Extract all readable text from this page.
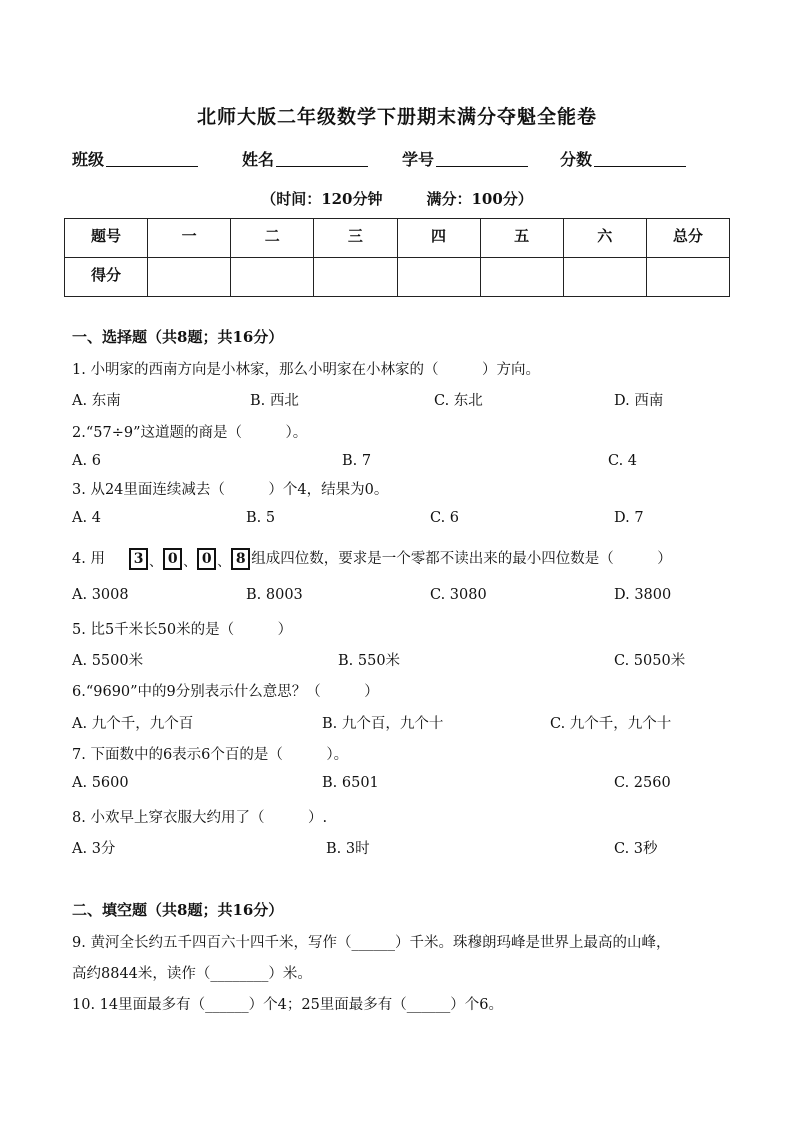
北师大版二年级数学下册期末满分夺魁全能卷
班级	姓名	学号	分数
（时间：120分钟	满分：100分）
题号	一	二	三	四	五	六	总分
得分							
一、选择题（共8题；共16分）
1. 小明家的西南方向是小林家，那么小明家在小林家的（　　　）方向。
A. 东南	B. 西北	C. 东北	D. 西南
2.“57÷9”这道题的商是（　　　）。
A. 6	B. 7	C. 4
3. 从24里面连续减去（　　　）个4，结果为0。
A. 4	B. 5	C. 6	D. 7
4. 用 3 、 0 、 0 、 8 组成四位数，要求是一个零都不读出来的最小四位数是（　　　）
A. 3008	B. 8003	C. 3080	D. 3800
5. 比5千米长50米的是（　　　）
A. 5500米	B. 550米	C. 5050米
6.“9690”中的9分别表示什么意思？（　　　）
A. 九个千，九个百	B. 九个百，九个十	C. 九个千，九个十
7. 下面数中的6表示6个百的是（　　　）。
A. 5600	B. 6501	C. 2560
8. 小欢早上穿衣服大约用了（　　　）.
A. 3分	B. 3时	C. 3秒
二、填空题（共8题；共16分）
9. 黄河全长约五千四百六十四千米，写作（______）千米。珠穆朗玛峰是世界上最高的山峰，
高约8844米，读作（________）米。
10. 14里面最多有（______）个4；25里面最多有（______）个6。
